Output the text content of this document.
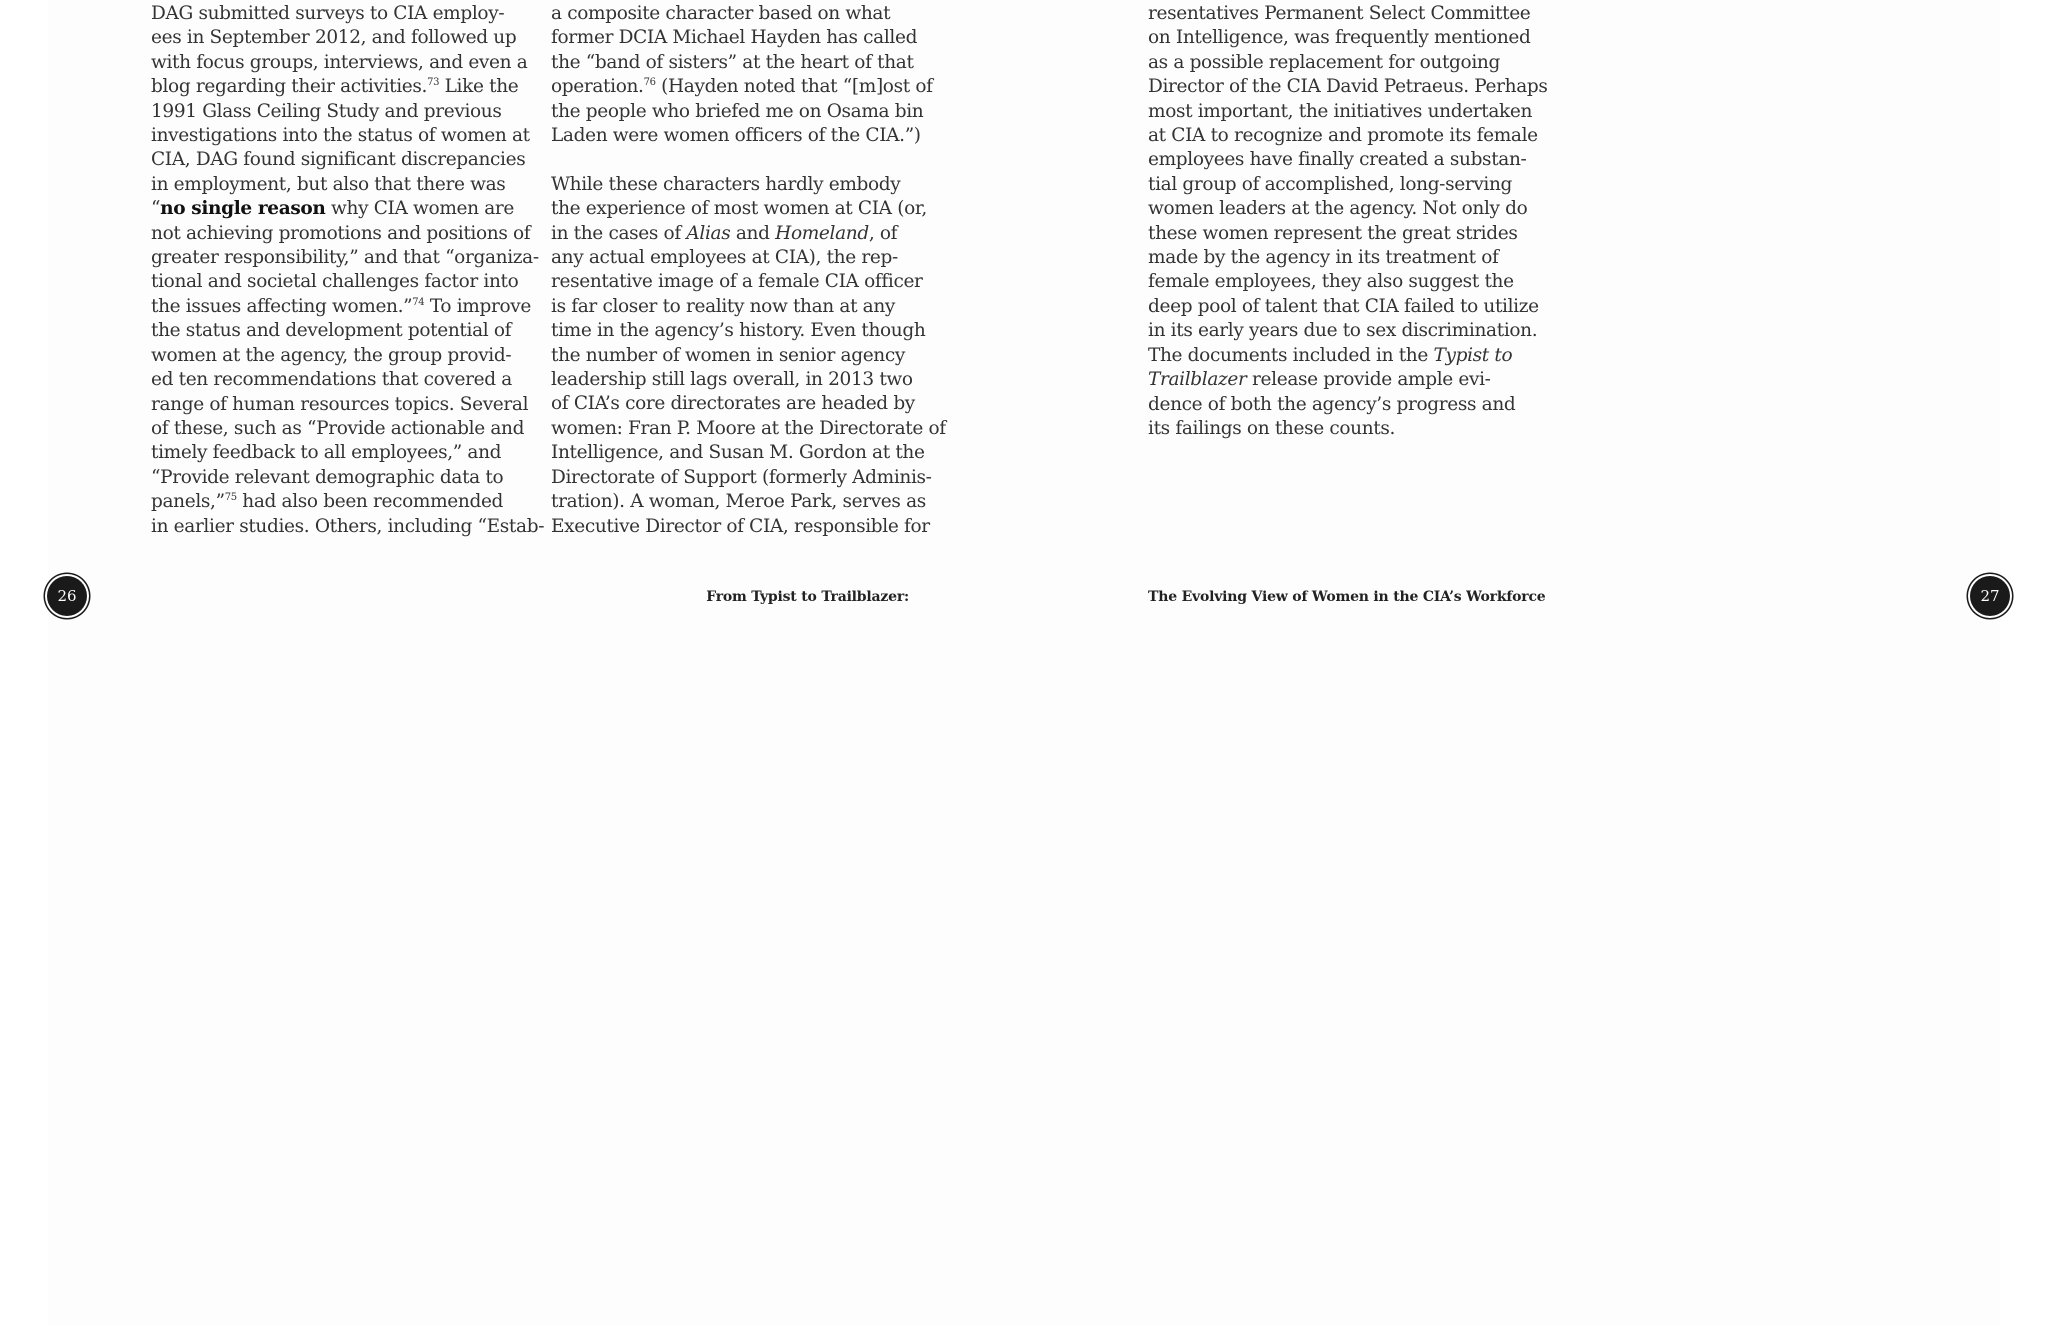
DAG submitted surveys to CIA employ-
ees in September 2012, and followed up
with focus groups, interviews, and even a
blog regarding their activities.$^{73}$ Like the
1991 Glass Ceiling Study and previous
investigations into the status of women at
CIA, DAG found significant discrepancies
in employment, but also that there was
“no single reason why CIA women are
not achieving promotions and positions of
greater responsibility,” and that “organiza-
tional and societal challenges factor into
the issues affecting women.”$^{74}$ To improve
the status and development potential of
women at the agency, the group provid-
ed ten recommendations that covered a
range of human resources topics. Several
of these, such as “Provide actionable and
timely feedback to all employees,” and
“Provide relevant demographic data to
panels,”$^{75}$ had also been recommended
in earlier studies. Others, including “Estab-
a composite character based on what
former DCIA Michael Hayden has called
the “band of sisters” at the heart of that
operation.$^{76}$ (Hayden noted that “[m]ost of
the people who briefed me on Osama bin
Laden were women officers of the CIA.”)
While these characters hardly embody
the experience of most women at CIA (or,
in the cases of Alias and Homeland, of
any actual employees at CIA), the rep-
resentative image of a female CIA officer
is far closer to reality now than at any
time in the agency’s history. Even though
the number of women in senior agency
leadership still lags overall, in 2013 two
of CIA’s core directorates are headed by
women: Fran P. Moore at the Directorate of
Intelligence, and Susan M. Gordon at the
Directorate of Support (formerly Adminis-
tration). A woman, Meroe Park, serves as
Executive Director of CIA, responsible for
resentatives Permanent Select Committee
on Intelligence, was frequently mentioned
as a possible replacement for outgoing
Director of the CIA David Petraeus. Perhaps
most important, the initiatives undertaken
at CIA to recognize and promote its female
employees have finally created a substan-
tial group of accomplished, long-serving
women leaders at the agency. Not only do
these women represent the great strides
made by the agency in its treatment of
female employees, they also suggest the
deep pool of talent that CIA failed to utilize
in its early years due to sex discrimination.
The documents included in the Typist to
Trailblazer release provide ample evi-
dence of both the agency’s progress and
its failings on these counts.
26	From Typist to Trailblazer:	The Evolving View of Women in the CIA’s Workforce	27
